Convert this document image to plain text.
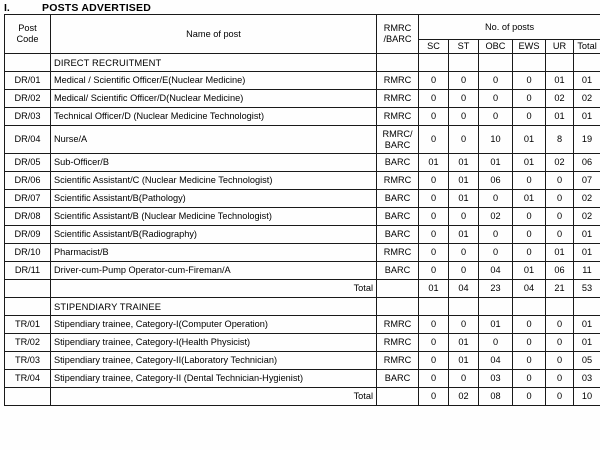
I.	POSTS ADVERTISED
Post
Code
	Name of post	
RMRC
/BARC
	No. of posts
			SC	ST	OBC	EWS	UR	Total
	DIRECT RECRUITMENT							
DR/01	Medical / Scientific Officer/E(Nuclear Medicine)	RMRC	0	0	0	0	01	01
DR/02	Medical/ Scientific Officer/D(Nuclear Medicine)	RMRC	0	0	0	0	02	02
DR/03	Technical Officer/D (Nuclear Medicine Technologist)	RMRC	0	0	0	0	01	01
DR/04	Nurse/A	RMRC/
BARC	0	0	10	01	8	19
DR/05	Sub-Officer/B	BARC	01	01	01	01	02	06
DR/06	Scientific Assistant/C (Nuclear Medicine Technologist)	RMRC	0	01	06	0	0	07
DR/07	Scientific Assistant/B(Pathology)	BARC	0	01	0	01	0	02
DR/08	Scientific Assistant/B (Nuclear Medicine Technologist)	BARC	0	0	02	0	0	02
DR/09	Scientific Assistant/B(Radiography)	BARC	0	01	0	0	0	01
DR/10	Pharmacist/B	RMRC	0	0	0	0	01	01
DR/11	Driver-cum-Pump Operator-cum-Fireman/A	BARC	0	0	04	01	06	11
	Total		01	04	23	04	21	53
	STIPENDIARY TRAINEE							
TR/01	Stipendiary trainee, Category-I(Computer Operation)	RMRC	0	0	01	0	0	01
TR/02	Stipendiary trainee, Category-I(Health Physicist)	RMRC	0	01	0	0	0	01
TR/03	Stipendiary trainee, Category-II(Laboratory Technician)	RMRC	0	01	04	0	0	05
TR/04	Stipendiary trainee, Category-II (Dental Technician-Hygienist)	BARC	0	0	03	0	0	03
	Total		0	02	08	0	0	10
